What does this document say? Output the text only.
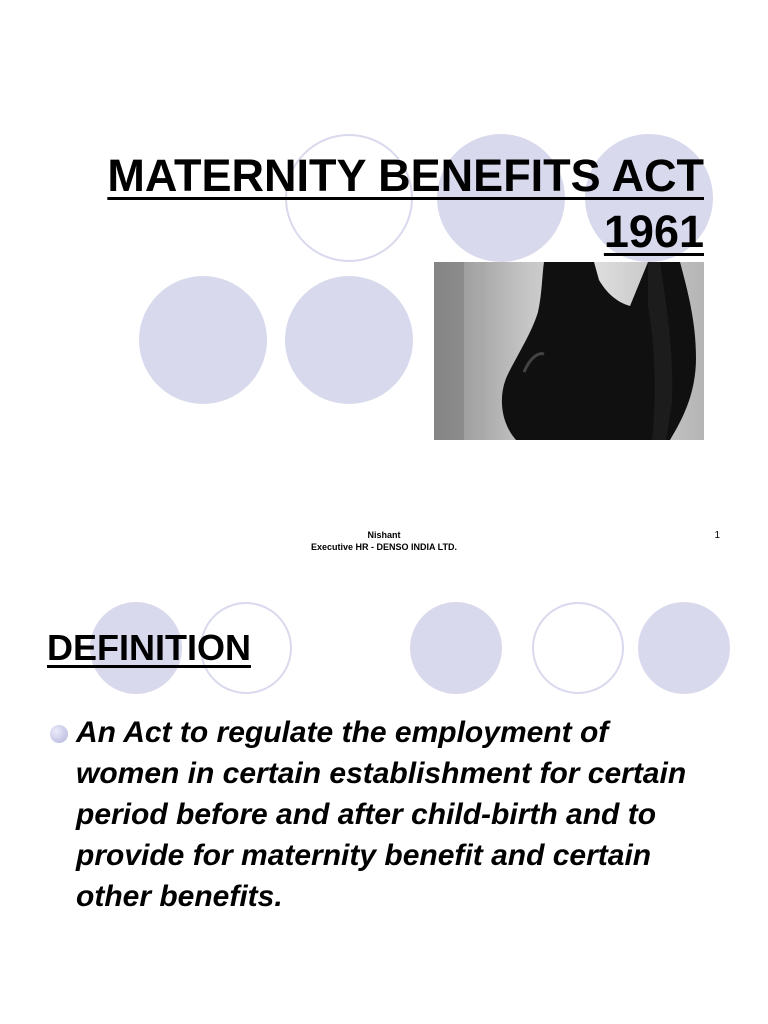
MATERNITY BENEFITS ACT
1961

Nishant

Executive HR - DENSO INDIA LTD.

1

DEFINITION

An Act to regulate the employment of women in certain establishment for certain period before and after child-birth and to provide for maternity benefit and certain other benefits.
